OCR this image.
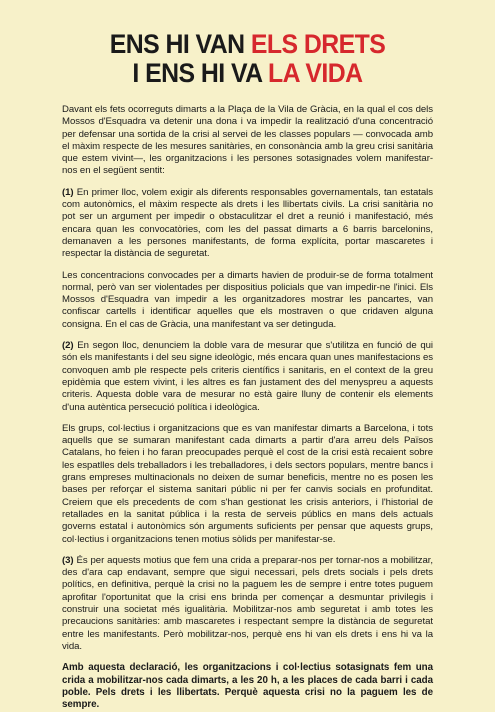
ENS HI VAN ELS DRETS
I ENS HI VA LA VIDA

Davant els fets ocorreguts dimarts a la Plaça de la Vila de Gràcia, en la qual el cos dels Mossos d'Esquadra va detenir una dona i va impedir la realització d'una concentració per defensar una sortida de la crisi al servei de les classes populars — convocada amb el màxim respecte de les mesures sanitàries, en consonància amb la greu crisi sanitària que estem vivint—, les organitzacions i les persones sotasignades volem manifestar-nos en el següent sentit:

(1) En primer lloc, volem exigir als diferents responsables governamentals, tan estatals com autonòmics, el màxim respecte als drets i les llibertats civils. La crisi sanitària no pot ser un argument per impedir o obstaculitzar el dret a reunió i manifestació, més encara quan les convocatòries, com les del passat dimarts a 6 barris barcelonins, demanaven a les persones manifestants, de forma explícita, portar mascaretes i respectar la distància de seguretat.

Les concentracions convocades per a dimarts havien de produir-se de forma totalment normal, però van ser violentades per dispositius policials que van impedir-ne l'inici. Els Mossos d'Esquadra van impedir a les organitzadores mostrar les pancartes, van confiscar cartells i identificar aquelles que els mostraven o que cridaven alguna consigna. En el cas de Gràcia, una manifestant va ser detinguda.

(2) En segon lloc, denunciem la doble vara de mesurar que s'utilitza en funció de qui són els manifestants i del seu signe ideològic, més encara quan unes manifestacions es convoquen amb ple respecte pels criteris científics i sanitaris, en el context de la greu epidèmia que estem vivint, i les altres es fan justament des del menyspreu a aquests criteris. Aquesta doble vara de mesurar no està gaire lluny de contenir els elements d'una autèntica persecució política i ideològica.

Els grups, col·lectius i organitzacions que es van manifestar dimarts a Barcelona, i tots aquells que se sumaran manifestant cada dimarts a partir d'ara arreu dels Països Catalans, ho feien i ho faran preocupades perquè el cost de la crisi està recaient sobre les espatlles dels treballadors i les treballadores, i dels sectors populars, mentre bancs i grans empreses multinacionals no deixen de sumar beneficis, mentre no es posen les bases per reforçar el sistema sanitari públic ni per fer canvis socials en profunditat. Creiem que els precedents de com s'han gestionat les crisis anteriors, i l'historial de retallades en la sanitat pública i la resta de serveis públics en mans dels actuals governs estatal i autonòmics són arguments suficients per pensar que aquests grups, col·lectius i organitzacions tenen motius sòlids per manifestar-se.

(3) És per aquests motius que fem una crida a preparar-nos per tornar-nos a mobilitzar, des d'ara cap endavant, sempre que sigui necessari, pels drets socials i pels drets polítics, en definitiva, perquè la crisi no la paguem les de sempre i entre totes puguem aprofitar l'oportunitat que la crisi ens brinda per començar a desmuntar privilegis i construir una societat més igualitària. Mobilitzar-nos amb seguretat i amb totes les precaucions sanitàries: amb mascaretes i respectant sempre la distància de seguretat entre les manifestants. Però mobilitzar-nos, perquè ens hi van els drets i ens hi va la vida.

Amb aquesta declaració, les organitzacions i col·lectius sotasignats fem una crida a mobilitzar-nos cada dimarts, a les 20 h, a les places de cada barri i cada poble. Pels drets i les llibertats. Perquè aquesta crisi no la paguem les de sempre.
